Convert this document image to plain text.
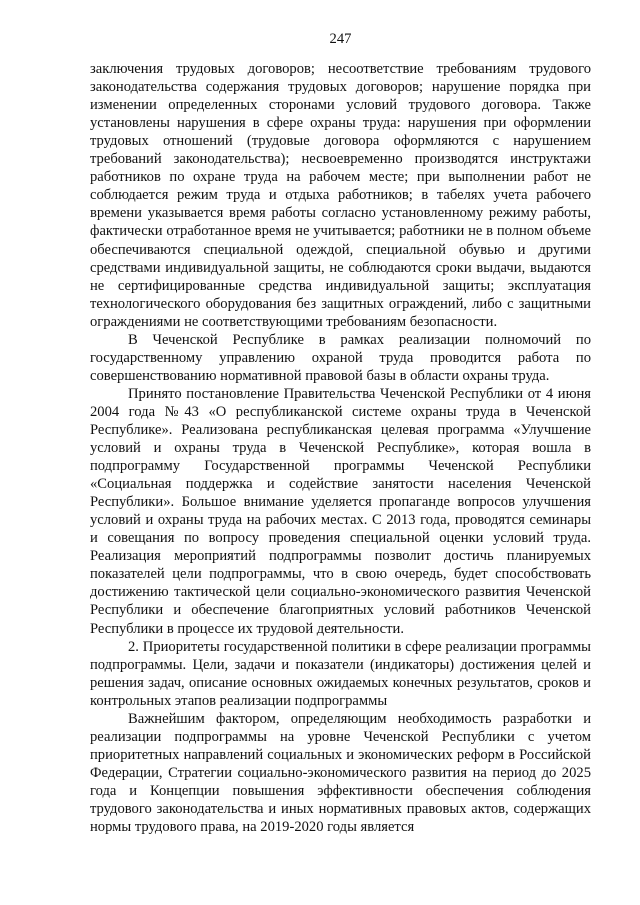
247

заключения трудовых договоров; несоответствие требованиям трудового законодательства содержания трудовых договоров; нарушение порядка при изменении определенных сторонами условий трудового договора. Также установлены нарушения в сфере охраны труда: нарушения при оформлении трудовых отношений (трудовые договора оформляются с нарушением требований законодательства); несвоевременно производятся инструктажи работников по охране труда на рабочем месте; при выполнении работ не соблюдается режим труда и отдыха работников; в табелях учета рабочего времени указывается время работы согласно установленному режиму работы, фактически отработанное время не учитывается; работники не в полном объеме обеспечиваются специальной одеждой, специальной обувью и другими средствами индивидуальной защиты, не соблюдаются сроки выдачи, выдаются не сертифицированные средства индивидуальной защиты; эксплуатация технологического оборудования без защитных ограждений, либо с защитными ограждениями не соответствующими требованиям безопасности.

В Чеченской Республике в рамках реализации полномочий по государственному управлению охраной труда проводится работа по совершенствованию нормативной правовой базы в области охраны труда.

Принято постановление Правительства Чеченской Республики от 4 июня 2004 года №43 «О республиканской системе охраны труда в Чеченской Республике». Реализована республиканская целевая программа «Улучшение условий и охраны труда в Чеченской Республике», которая вошла в подпрограмму Государственной программы Чеченской Республики «Социальная поддержка и содействие занятости населения Чеченской Республики». Большое внимание уделяется пропаганде вопросов улучшения условий и охраны труда на рабочих местах. С 2013 года, проводятся семинары и совещания по вопросу проведения специальной оценки условий труда. Реализация мероприятий подпрограммы позволит достичь планируемых показателей цели подпрограммы, что в свою очередь, будет способствовать достижению тактической цели социально-экономического развития Чеченской Республики и обеспечение благоприятных условий работников Чеченской Республики в процессе их трудовой деятельности.

2. Приоритеты государственной политики в сфере реализации программы подпрограммы. Цели, задачи и показатели (индикаторы) достижения целей и решения задач, описание основных ожидаемых конечных результатов, сроков и контрольных этапов реализации подпрограммы

Важнейшим фактором, определяющим необходимость разработки и реализации подпрограммы на уровне Чеченской Республики с учетом приоритетных направлений социальных и экономических реформ в Российской Федерации, Стратегии социально-экономического развития на период до 2025 года и Концепции повышения эффективности обеспечения соблюдения трудового законодательства и иных нормативных правовых актов, содержащих нормы трудового права, на 2019-2020 годы является
